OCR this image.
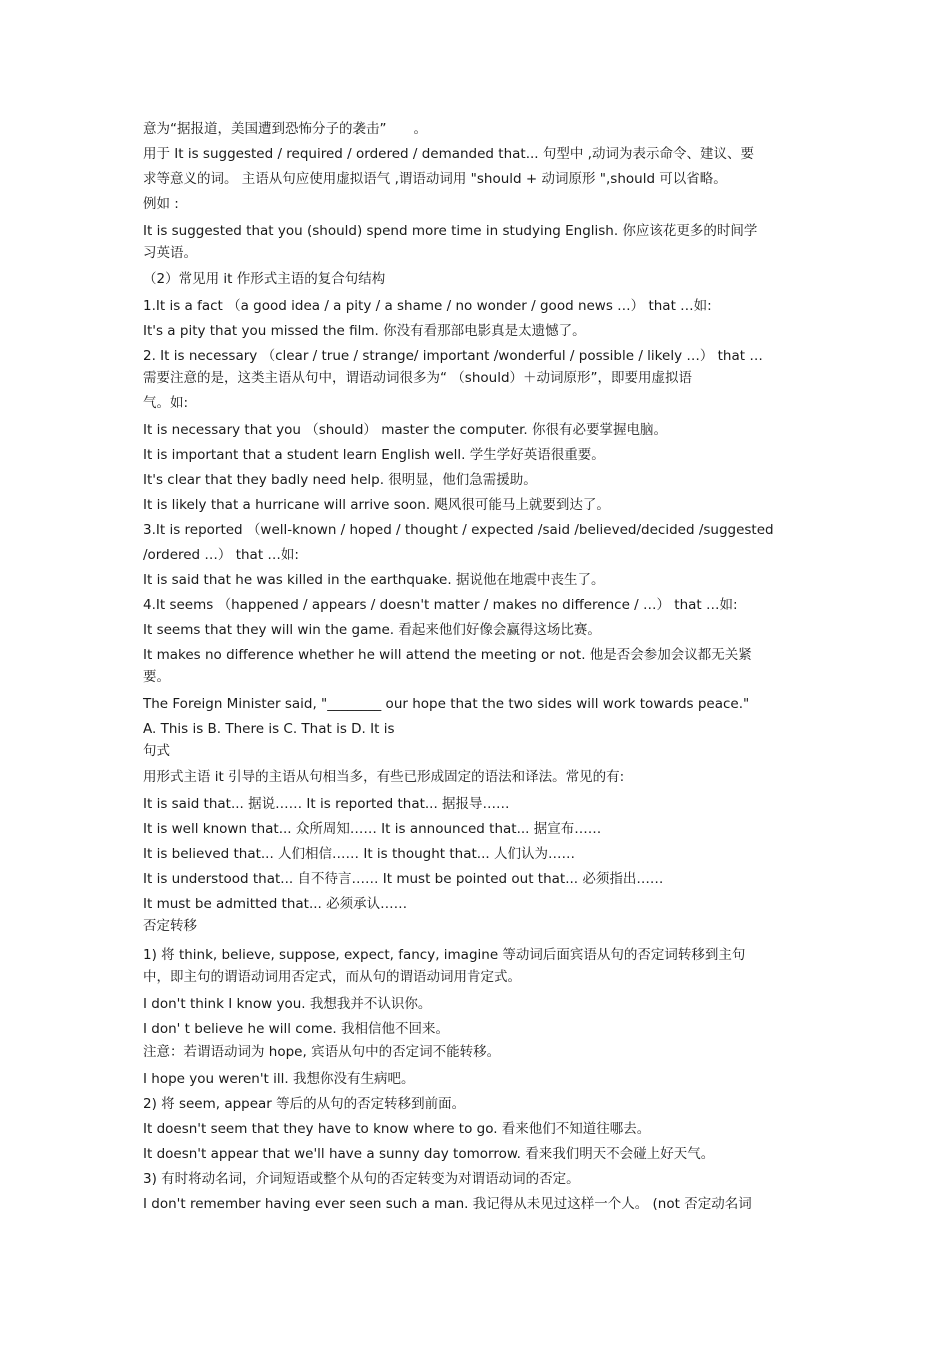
意为“据报道，美国遭到恐怖分子的袭击”　　。
用于 It is suggested / required / ordered / demanded that... 句型中 ,动词为表示命令、建议、要
求等意义的词。 主语从句应使用虚拟语气 ,谓语动词用 "should + 动词原形 ",should 可以省略。
例如 :
It is suggested that you (should) spend more time in studying English. 你应该花更多的时间学
习英语。
（2）常见用 it 作形式主语的复合句结构
1.It is a fact （a good idea / a pity / a shame / no wonder / good news …） that …如:
It's a pity that you missed the film. 你没有看那部电影真是太遗憾了。
2. It is necessary （clear / true / strange/ important /wonderful / possible / likely …） that …
需要注意的是，这类主语从句中，谓语动词很多为“ （should）＋动词原形”，即要用虚拟语
气。如:
It is necessary that you （should） master the computer. 你很有必要掌握电脑。
It is important that a student learn English well. 学生学好英语很重要。
It's clear that they badly need help. 很明显，他们急需援助。
It is likely that a hurricane will arrive soon. 飓风很可能马上就要到达了。
3.It is reported （well-known / hoped / thought / expected /said /believed/decided /suggested
/ordered …） that …如:
It is said that he was killed in the earthquake. 据说他在地震中丧生了。
4.It seems （happened / appears / doesn't matter / makes no difference / …） that …如:
It seems that they will win the game. 看起来他们好像会赢得这场比赛。
It makes no difference whether he will attend the meeting or not. 他是否会参加会议都无关紧
要。
The Foreign Minister said, "________ our hope that the two sides will work towards peace."
A. This is B. There is C. That is D. It is
句式
用形式主语 it 引导的主语从句相当多，有些已形成固定的语法和译法。常见的有:
It is said that... 据说…… It is reported that... 据报导……
It is well known that... 众所周知…… It is announced that... 据宣布……
It is believed that... 人们相信…… It is thought that... 人们认为……
It is understood that... 自不待言…… It must be pointed out that... 必须指出……
It must be admitted that... 必须承认……
否定转移
1) 将 think, believe, suppose, expect, fancy, imagine 等动词后面宾语从句的否定词转移到主句
中，即主句的谓语动词用否定式，而从句的谓语动词用肯定式。
I don't think I know you. 我想我并不认识你。
I don' t believe he will come. 我相信他不回来。
注意：若谓语动词为 hope, 宾语从句中的否定词不能转移。
I hope you weren't ill. 我想你没有生病吧。
2) 将 seem, appear 等后的从句的否定转移到前面。
It doesn't seem that they have to know where to go. 看来他们不知道往哪去。
It doesn't appear that we'll have a sunny day tomorrow. 看来我们明天不会碰上好天气。
3) 有时将动名词，介词短语或整个从句的否定转变为对谓语动词的否定。
I don't remember having ever seen such a man. 我记得从未见过这样一个人。 (not 否定动名词
